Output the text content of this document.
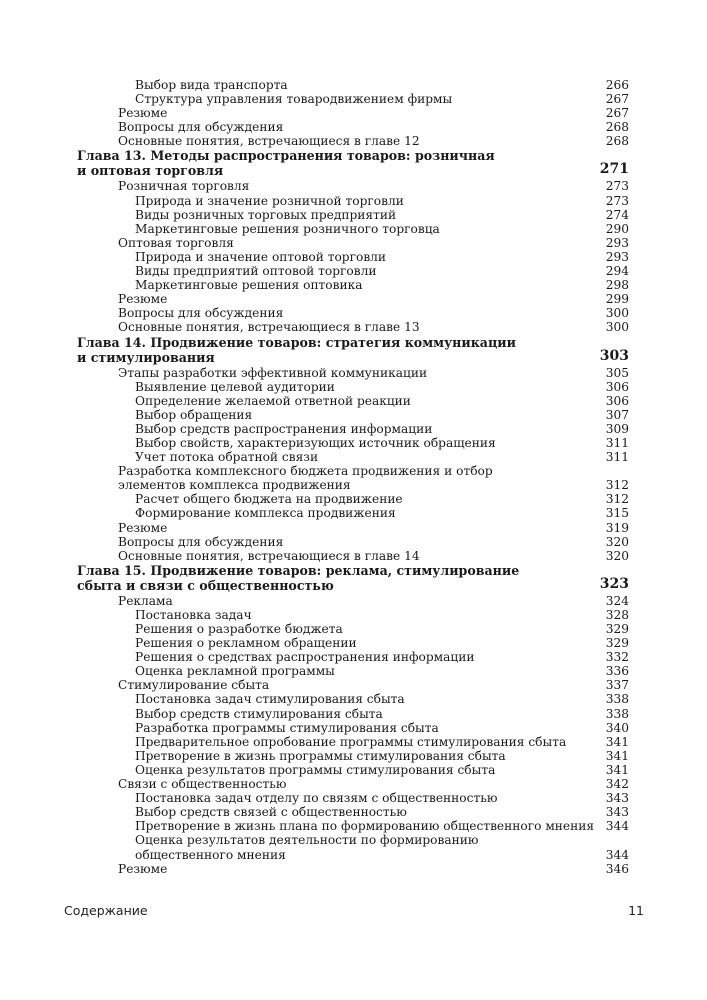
Выбор вида транспорта	266
Структура управления товародвижением фирмы	267
Резюме	267
Вопросы для обсуждения	268
Основные понятия, встречающиеся в главе 12	268
Глава 13. Методы распространения товаров: розничная
и оптовая торговля	271
Розничная торговля	273
Природа и значение розничной торговли	273
Виды розничных торговых предприятий	274
Маркетинговые решения розничного торговца	290
Оптовая торговля	293
Природа и значение оптовой торговли	293
Виды предприятий оптовой торговли	294
Маркетинговые решения оптовика	298
Резюме	299
Вопросы для обсуждения	300
Основные понятия, встречающиеся в главе 13	300
Глава 14. Продвижение товаров: стратегия коммуникации
и стимулирования	303
Этапы разработки эффективной коммуникации	305
Выявление целевой аудитории	306
Определение желаемой ответной реакции	306
Выбор обращения	307
Выбор средств распространения информации	309
Выбор свойств, характеризующих источник обращения	311
Учет потока обратной связи	311
Разработка комплексного бюджета продвижения и отбор
элементов комплекса продвижения	312
Расчет общего бюджета на продвижение	312
Формирование комплекса продвижения	315
Резюме	319
Вопросы для обсуждения	320
Основные понятия, встречающиеся в главе 14	320
Глава 15. Продвижение товаров: реклама, стимулирование
сбыта и связи с общественностью	323
Реклама	324
Постановка задач	328
Решения о разработке бюджета	329
Решения о рекламном обращении	329
Решения о средствах распространения информации	332
Оценка рекламной программы	336
Стимулирование сбыта	337
Постановка задач стимулирования сбыта	338
Выбор средств стимулирования сбыта	338
Разработка программы стимулирования сбыта	340
Предварительное опробование программы стимулирования сбыта	341
Претворение в жизнь программы стимулирования сбыта	341
Оценка результатов программы стимулирования сбыта	341
Связи с общественностью	342
Постановка задач отделу по связям с общественностью	343
Выбор средств связей с общественностью	343
Претворение в жизнь плана по формированию общественного мнения 344
Оценка результатов деятельности по формированию
общественного мнения	344
Резюме	346
Содержание	11
